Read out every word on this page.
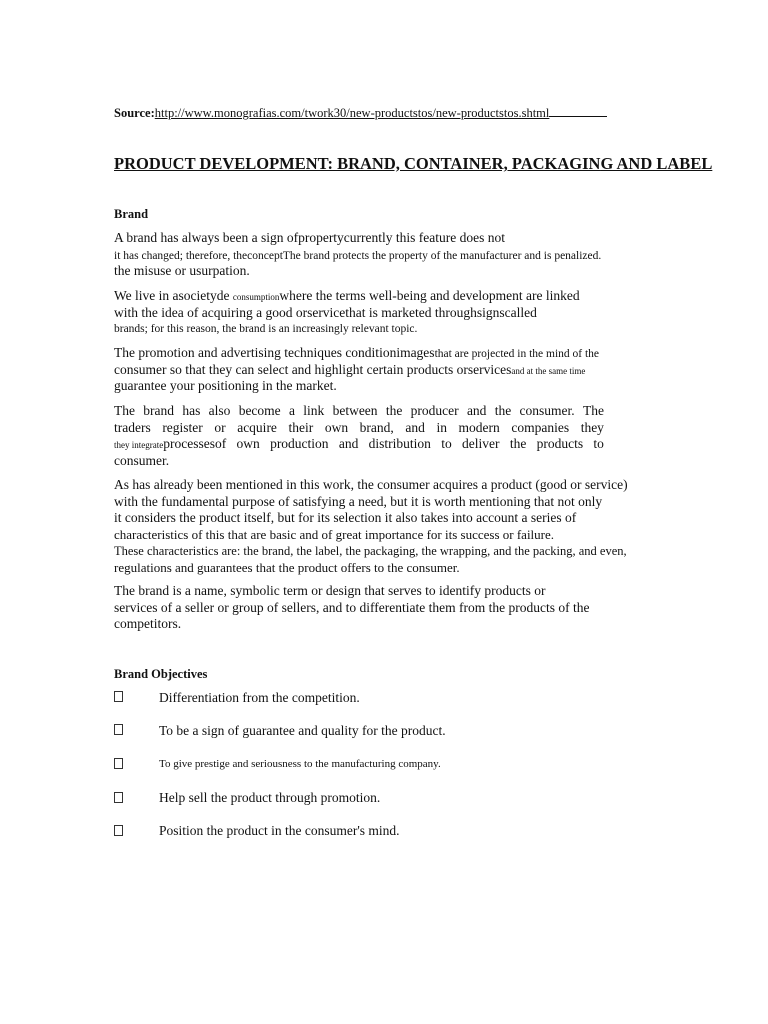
Source:http://www.monografias.com/twork30/new-productstos/new-productstos.shtml
PRODUCT DEVELOPMENT: BRAND, CONTAINER, PACKAGING AND LABEL
Brand
A brand has always been a sign ofpropertycurrently this feature does not
it has changed; therefore, theconceptThe brand protects the property of the manufacturer and is penalized.
the misuse or usurpation.
We live in asocietyde consumptionwhere the terms well-being and development are linked
with the idea of acquiring a good orservicethat is marketed throughsignscalled
brands; for this reason, the brand is an increasingly relevant topic.
The promotion and advertising techniques conditionimagesthat are projected in the mind of the
consumer so that they can select and highlight certain products orservicesand at the same time
guarantee your positioning in the market.
The brand has also become a link between the producer and the consumer. The
traders register or acquire their own brand, and in modern companies they
they integrateprocessesof own production and distribution to deliver the products to
consumer.
As has already been mentioned in this work, the consumer acquires a product (good or service)
with the fundamental purpose of satisfying a need, but it is worth mentioning that not only
it considers the product itself, but for its selection it also takes into account a series of
characteristics of this that are basic and of great importance for its success or failure.
These characteristics are: the brand, the label, the packaging, the wrapping, and the packing, and even,
regulations and guarantees that the product offers to the consumer.
The brand is a name, symbolic term or design that serves to identify products or
services of a seller or group of sellers, and to differentiate them from the products of the
competitors.
Brand Objectives
Differentiation from the competition.
To be a sign of guarantee and quality for the product.
To give prestige and seriousness to the manufacturing company.
Help sell the product through promotion.
Position the product in the consumer's mind.
